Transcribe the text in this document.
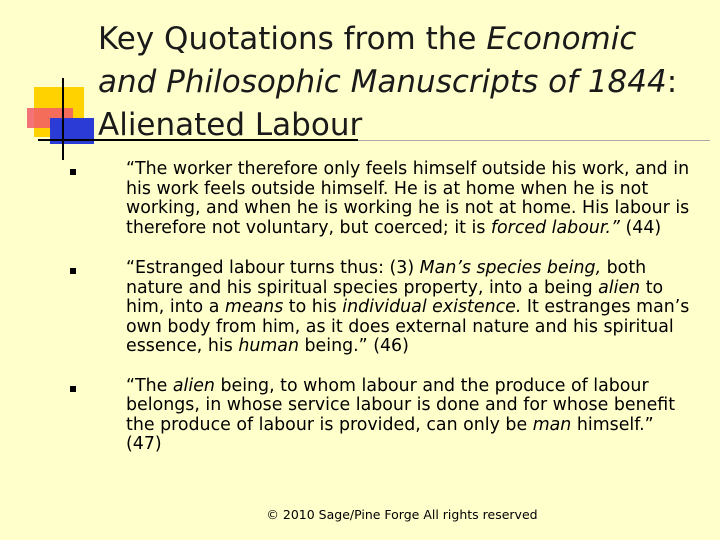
Key Quotations from the Economic and Philosophic Manuscripts of 1844: Alienated Labour
“The worker therefore only feels himself outside his work, and in his work feels outside himself. He is at home when he is not working, and when he is working he is not at home. His labour is therefore not voluntary, but coerced; it is forced labour.” (44)
“Estranged labour turns thus: (3) Man’s species being, both nature and his spiritual species property, into a being alien to him, into a means to his individual existence. It estranges man’s own body from him, as it does external nature and his spiritual essence, his human being.” (46)
“The alien being, to whom labour and the produce of labour belongs, in whose service labour is done and for whose benefit the produce of labour is provided, can only be man himself.” (47)
© 2010 Sage/Pine Forge All rights reserved
